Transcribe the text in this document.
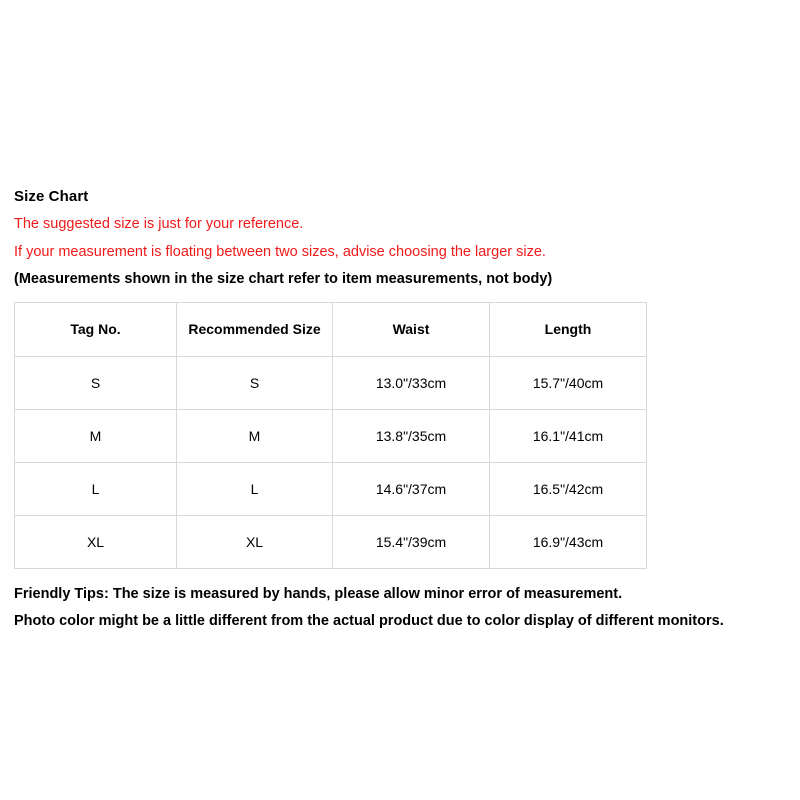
Size Chart
The suggested size is just for your reference.
If your measurement is floating between two sizes, advise choosing the larger size.
(Measurements shown in the size chart refer to item measurements, not body)
Tag No.	Recommended Size	Waist	Length
S	S	13.0"/33cm	15.7"/40cm
M	M	13.8"/35cm	16.1"/41cm
L	L	14.6"/37cm	16.5"/42cm
XL	XL	15.4"/39cm	16.9"/43cm

Friendly Tips: The size is measured by hands, please allow minor error of measurement.

Photo color might be a little different from the actual product due to color display of different monitors.
